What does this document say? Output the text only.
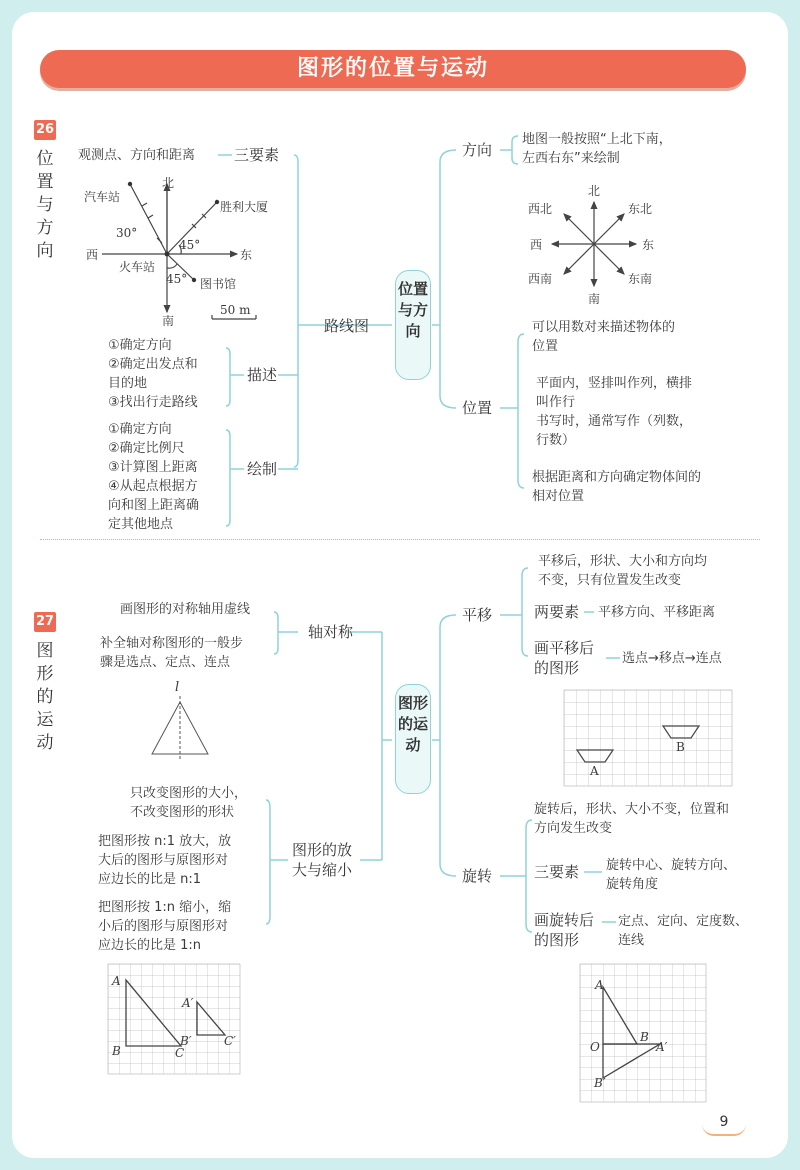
图形的位置与运动
26
位置与方向
位置与方向
观测点、方向和距离	三要素
北
南
东
西
汽车站
火车站
胜利大厦
图书馆
30°
45°
45°
50 m
路线图
①确定方向
②确定出发点和
目的地
③找出行走路线
描述
①确定方向
②确定比例尺
③计算图上距离
④从起点根据方
向和图上距离确
定其他地点
绘制
方向
地图一般按照“上北下南，
左西右东”来绘制
北
南
东
西
西北	东北
西南	东南
位置
可以用数对来描述物体的
位置
平面内，竖排叫作列，横排
叫作行
书写时，通常写作（列数，
行数）
根据距离和方向确定物体间的
相对位置
27
图形的运动
图形的运动
画图形的对称轴用虚线
补全轴对称图形的一般步
骤是选点、定点、连点
轴对称
l
只改变图形的大小，
不改变图形的形状
把图形按 n:1 放大，放
大后的图形与原图形对
应边长的比是 n:1
把图形按 1:n 缩小，缩
小后的图形与原图形对
应边长的比是 1:n
图形的放
大与缩小
A
B	C
A′
B′	C′
平移
平移后，形状、大小和方向均
不变，只有位置发生改变
两要素 平移方向、平移距离
画平移后
的图形
选点→移点→连点
A
B
旋转
旋转后，形状、大小不变，位置和
方向发生改变
三要素 旋转中心、旋转方向、
旋转角度
画旋转后
的图形
定点、定向、定度数、
连线
A
B
O	A′
B′
9
